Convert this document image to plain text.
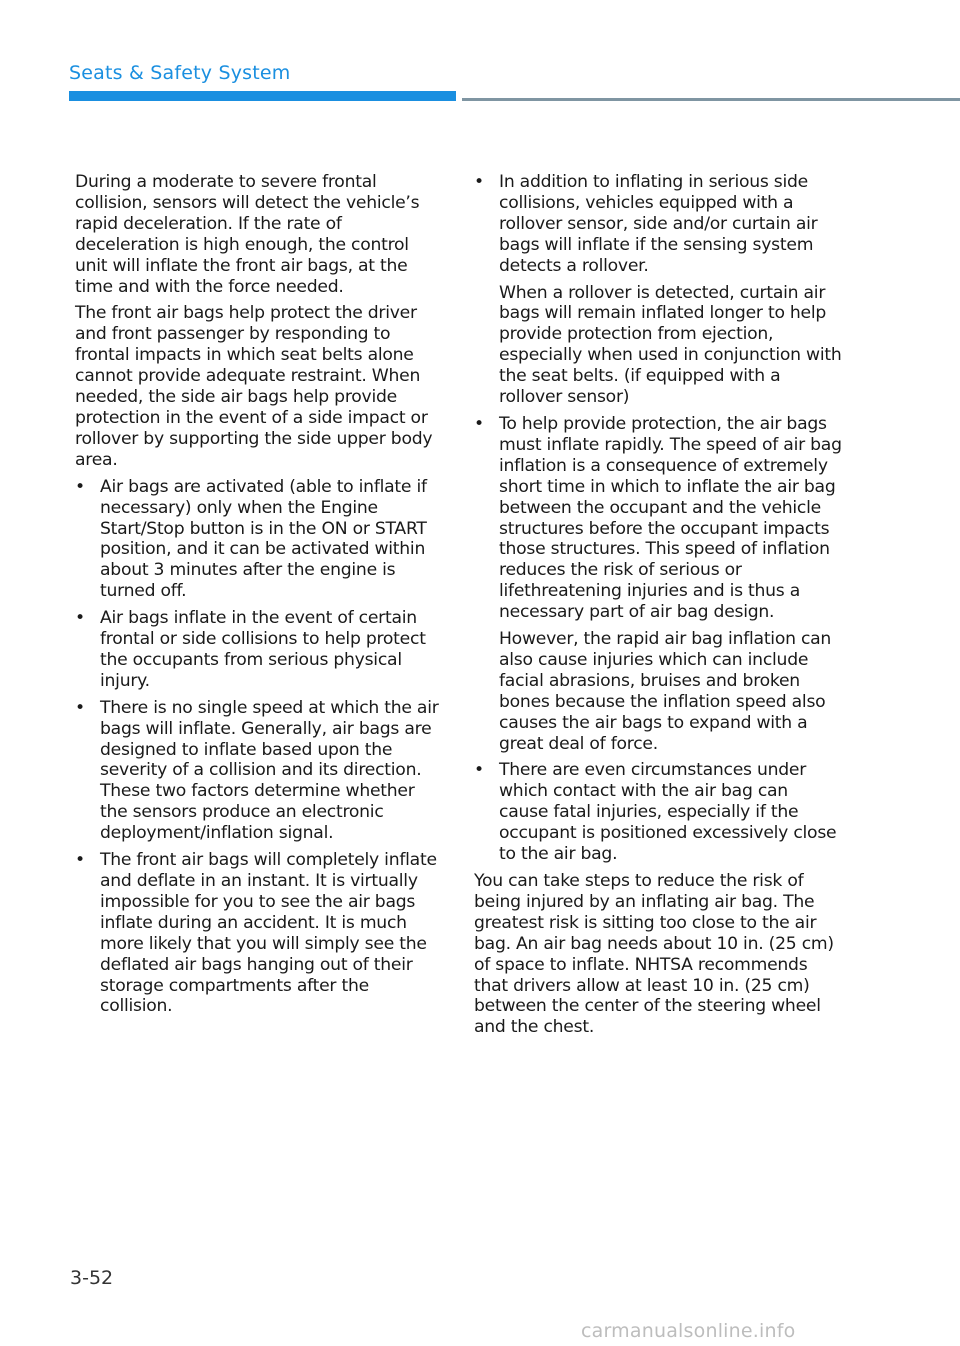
Seats & Safety System

During a moderate to severe frontal collision, sensors will detect the vehicle’s rapid deceleration. If the rate of deceleration is high enough, the control unit will inflate the front air bags, at the time and with the force needed.

The front air bags help protect the driver and front passenger by responding to frontal impacts in which seat belts alone cannot provide adequate restraint. When needed, the side air bags help provide protection in the event of a side impact or rollover by supporting the side upper body area.

• Air bags are activated (able to inflate if necessary) only when the Engine Start/Stop button is in the ON or START position, and it can be activated within about 3 minutes after the engine is turned off.

• Air bags inflate in the event of certain frontal or side collisions to help protect the occupants from serious physical injury.

• There is no single speed at which the air bags will inflate. Generally, air bags are designed to inflate based upon the severity of a collision and its direction. These two factors determine whether the sensors produce an electronic deployment/inflation signal.

• The front air bags will completely inflate and deflate in an instant. It is virtually impossible for you to see the air bags inflate during an accident. It is much more likely that you will simply see the deflated air bags hanging out of their storage compartments after the collision.

• In addition to inflating in serious side collisions, vehicles equipped with a rollover sensor, side and/or curtain air bags will inflate if the sensing system detects a rollover.

When a rollover is detected, curtain air bags will remain inflated longer to help provide protection from ejection, especially when used in conjunction with the seat belts. (if equipped with a rollover sensor)

• To help provide protection, the air bags must inflate rapidly. The speed of air bag inflation is a consequence of extremely short time in which to inflate the air bag between the occupant and the vehicle structures before the occupant impacts those structures. This speed of inflation reduces the risk of serious or lifethreatening injuries and is thus a necessary part of air bag design.

However, the rapid air bag inflation can also cause injuries which can include facial abrasions, bruises and broken bones because the inflation speed also causes the air bags to expand with a great deal of force.

• There are even circumstances under which contact with the air bag can cause fatal injuries, especially if the occupant is positioned excessively close to the air bag.

You can take steps to reduce the risk of being injured by an inflating air bag. The greatest risk is sitting too close to the air bag. An air bag needs about 10 in. (25 cm) of space to inflate. NHTSA recommends that drivers allow at least 10 in. (25 cm) between the center of the steering wheel and the chest.

3-52
carmanualsonline.info
